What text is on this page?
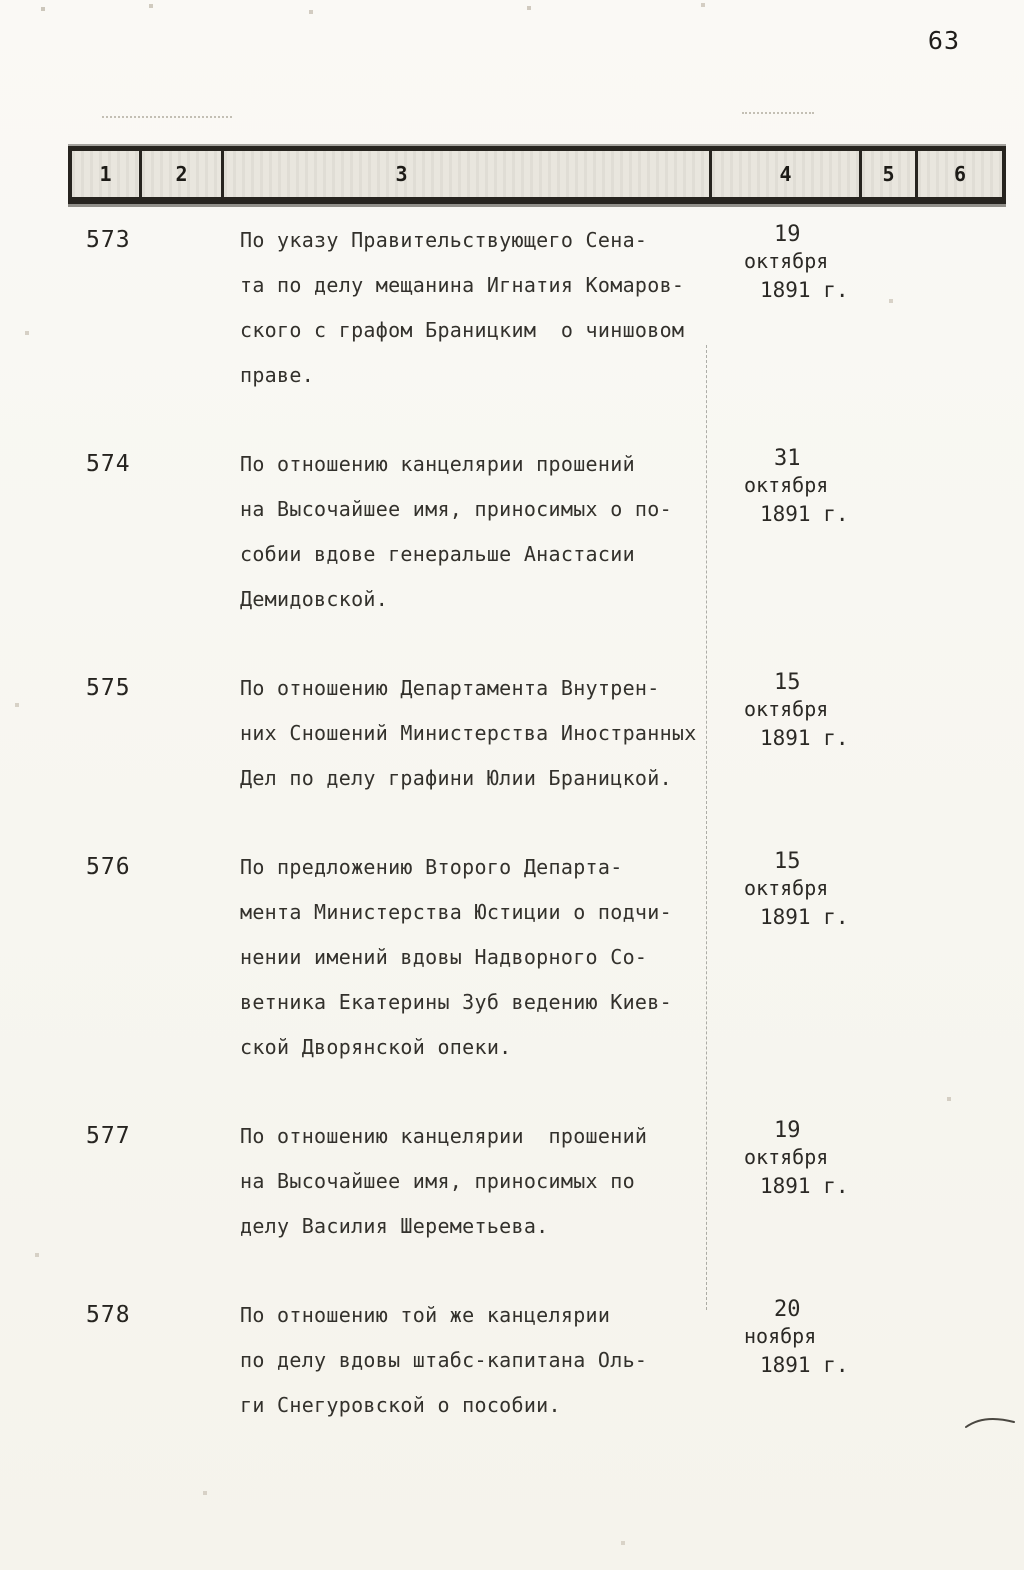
63
1	2	3	4	5	6
573	По указу Правительствующего Сена-
та по делу мещанина Игнатия Комаров-
ского с графом Браницким  о чиншовом
праве.
19
октября
1891 г.
574	По отношению канцелярии прошений
на Высочайшее имя, приносимых о по-
собии вдове генеральше Анастасии
Демидовской.
31
октября
1891 г.
575	По отношению Департамента Внутрен-
них Сношений Министерства Иностранных
Дел по делу графини Юлии Браницкой.
15
октября
1891 г.
576	По предложению Второго Департа-
мента Министерства Юстиции о подчи-
нении имений вдовы Надворного Со-
ветника Екатерины Зуб ведению Киев-
ской Дворянской опеки.
15
октября
1891 г.
577	По отношению канцелярии  прошений
на Высочайшее имя, приносимых по
делу Василия Шереметьева.
19
октября
1891 г.
578	По отношению той же канцелярии
по делу вдовы штабс-капитана Оль-
ги Снегуровской о пособии.
20
ноября
1891 г.
